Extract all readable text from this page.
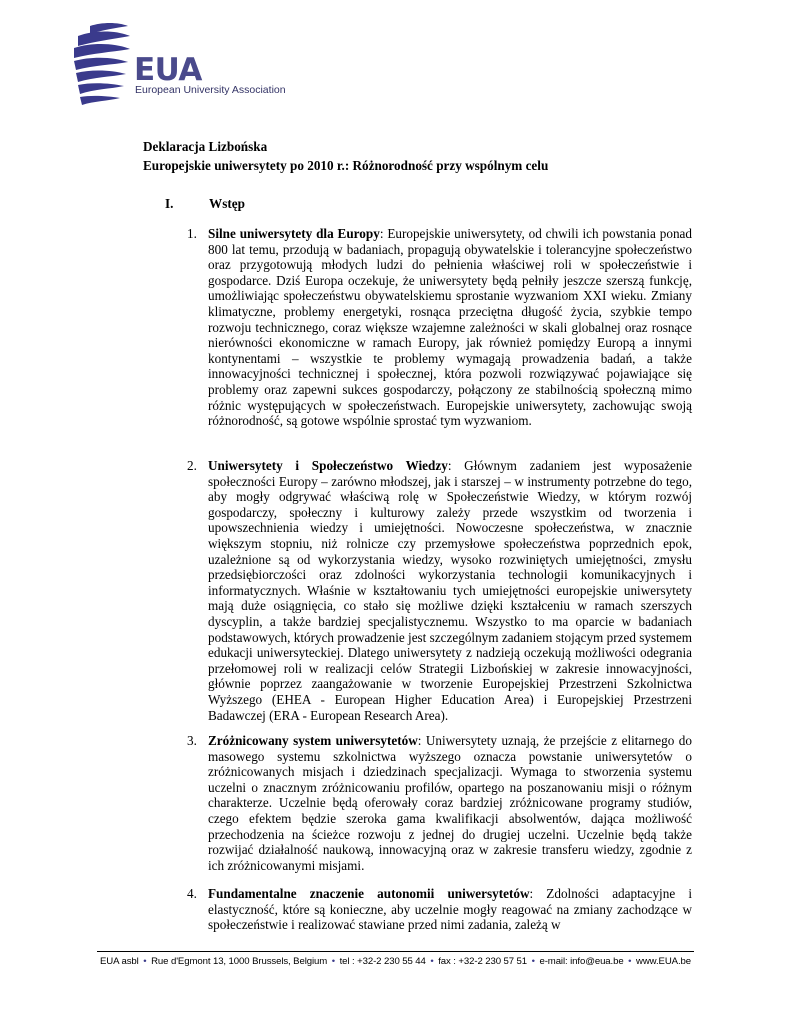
EUA
European University Association
Deklaracja Lizbońska
Europejskie uniwersytety po 2010 r.: Różnorodność przy wspólnym celu
I.	Wstęp
1. Silne uniwersytety dla Europy: Europejskie uniwersytety, od chwili ich powstania ponad 800 lat temu, przodują w badaniach, propagują obywatelskie i tolerancyjne społeczeństwo oraz przygotowują młodych ludzi do pełnienia właściwej roli w społeczeństwie i gospodarce. Dziś Europa oczekuje, że uniwersytety będą pełniły jeszcze szerszą funkcję, umożliwiając społeczeństwu obywatelskiemu sprostanie wyzwaniom XXI wieku. Zmiany klimatyczne, problemy energetyki, rosnąca przeciętna długość życia, szybkie tempo rozwoju technicznego, coraz większe wzajemne zależności w skali globalnej oraz rosnące nierówności ekonomiczne w ramach Europy, jak również pomiędzy Europą a innymi kontynentami – wszystkie te problemy wymagają prowadzenia badań, a także innowacyjności technicznej i społecznej, która pozwoli rozwiązywać pojawiające się problemy oraz zapewni sukces gospodarczy, połączony ze stabilnością społeczną mimo różnic występujących w społeczeństwach. Europejskie uniwersytety, zachowując swoją różnorodność, są gotowe wspólnie sprostać tym wyzwaniom.

2. Uniwersytety i Społeczeństwo Wiedzy: Głównym zadaniem jest wyposażenie społeczności Europy – zarówno młodszej, jak i starszej – w instrumenty potrzebne do tego, aby mogły odgrywać właściwą rolę w Społeczeństwie Wiedzy, w którym rozwój gospodarczy, społeczny i kulturowy zależy przede wszystkim od tworzenia i upowszechnienia wiedzy i umiejętności. Nowoczesne społeczeństwa, w znacznie większym stopniu, niż rolnicze czy przemysłowe społeczeństwa poprzednich epok, uzależnione są od wykorzystania wiedzy, wysoko rozwiniętych umiejętności, zmysłu przedsiębiorczości oraz zdolności wykorzystania technologii komunikacyjnych i informatycznych. Właśnie w kształtowaniu tych umiejętności europejskie uniwersytety mają duże osiągnięcia, co stało się możliwe dzięki kształceniu w ramach szerszych dyscyplin, a także bardziej specjalistycznemu. Wszystko to ma oparcie w badaniach podstawowych, których prowadzenie jest szczególnym zadaniem stojącym przed systemem edukacji uniwersyteckiej. Dlatego uniwersytety z nadzieją oczekują możliwości odegrania przełomowej roli w realizacji celów Strategii Lizbońskiej w zakresie innowacyjności, głównie poprzez zaangażowanie w tworzenie Europejskiej Przestrzeni Szkolnictwa Wyższego (EHEA - European Higher Education Area) i Europejskiej Przestrzeni Badawczej (ERA - European Research Area).

3. Zróżnicowany system uniwersytetów: Uniwersytety uznają, że przejście z elitarnego do masowego systemu szkolnictwa wyższego oznacza powstanie uniwersytetów o zróżnicowanych misjach i dziedzinach specjalizacji. Wymaga to stworzenia systemu uczelni o znacznym zróżnicowaniu profilów, opartego na poszanowaniu misji o różnym charakterze. Uczelnie będą oferowały coraz bardziej zróżnicowane programy studiów, czego efektem będzie szeroka gama kwalifikacji absolwentów, dająca możliwość przechodzenia na ścieżce rozwoju z jednej do drugiej uczelni. Uczelnie będą także rozwijać działalność naukową, innowacyjną oraz w zakresie transferu wiedzy, zgodnie z ich zróżnicowanymi misjami.

4. Fundamentalne znaczenie autonomii uniwersytetów: Zdolności adaptacyjne i elastyczność, które są konieczne, aby uczelnie mogły reagować na zmiany zachodzące w społeczeństwie i realizować stawiane przed nimi zadania, zależą w

EUA asbl • Rue d'Egmont 13, 1000 Brussels, Belgium • tel : +32-2 230 55 44 • fax : +32-2 230 57 51 • e-mail: info@eua.be • www.EUA.be
